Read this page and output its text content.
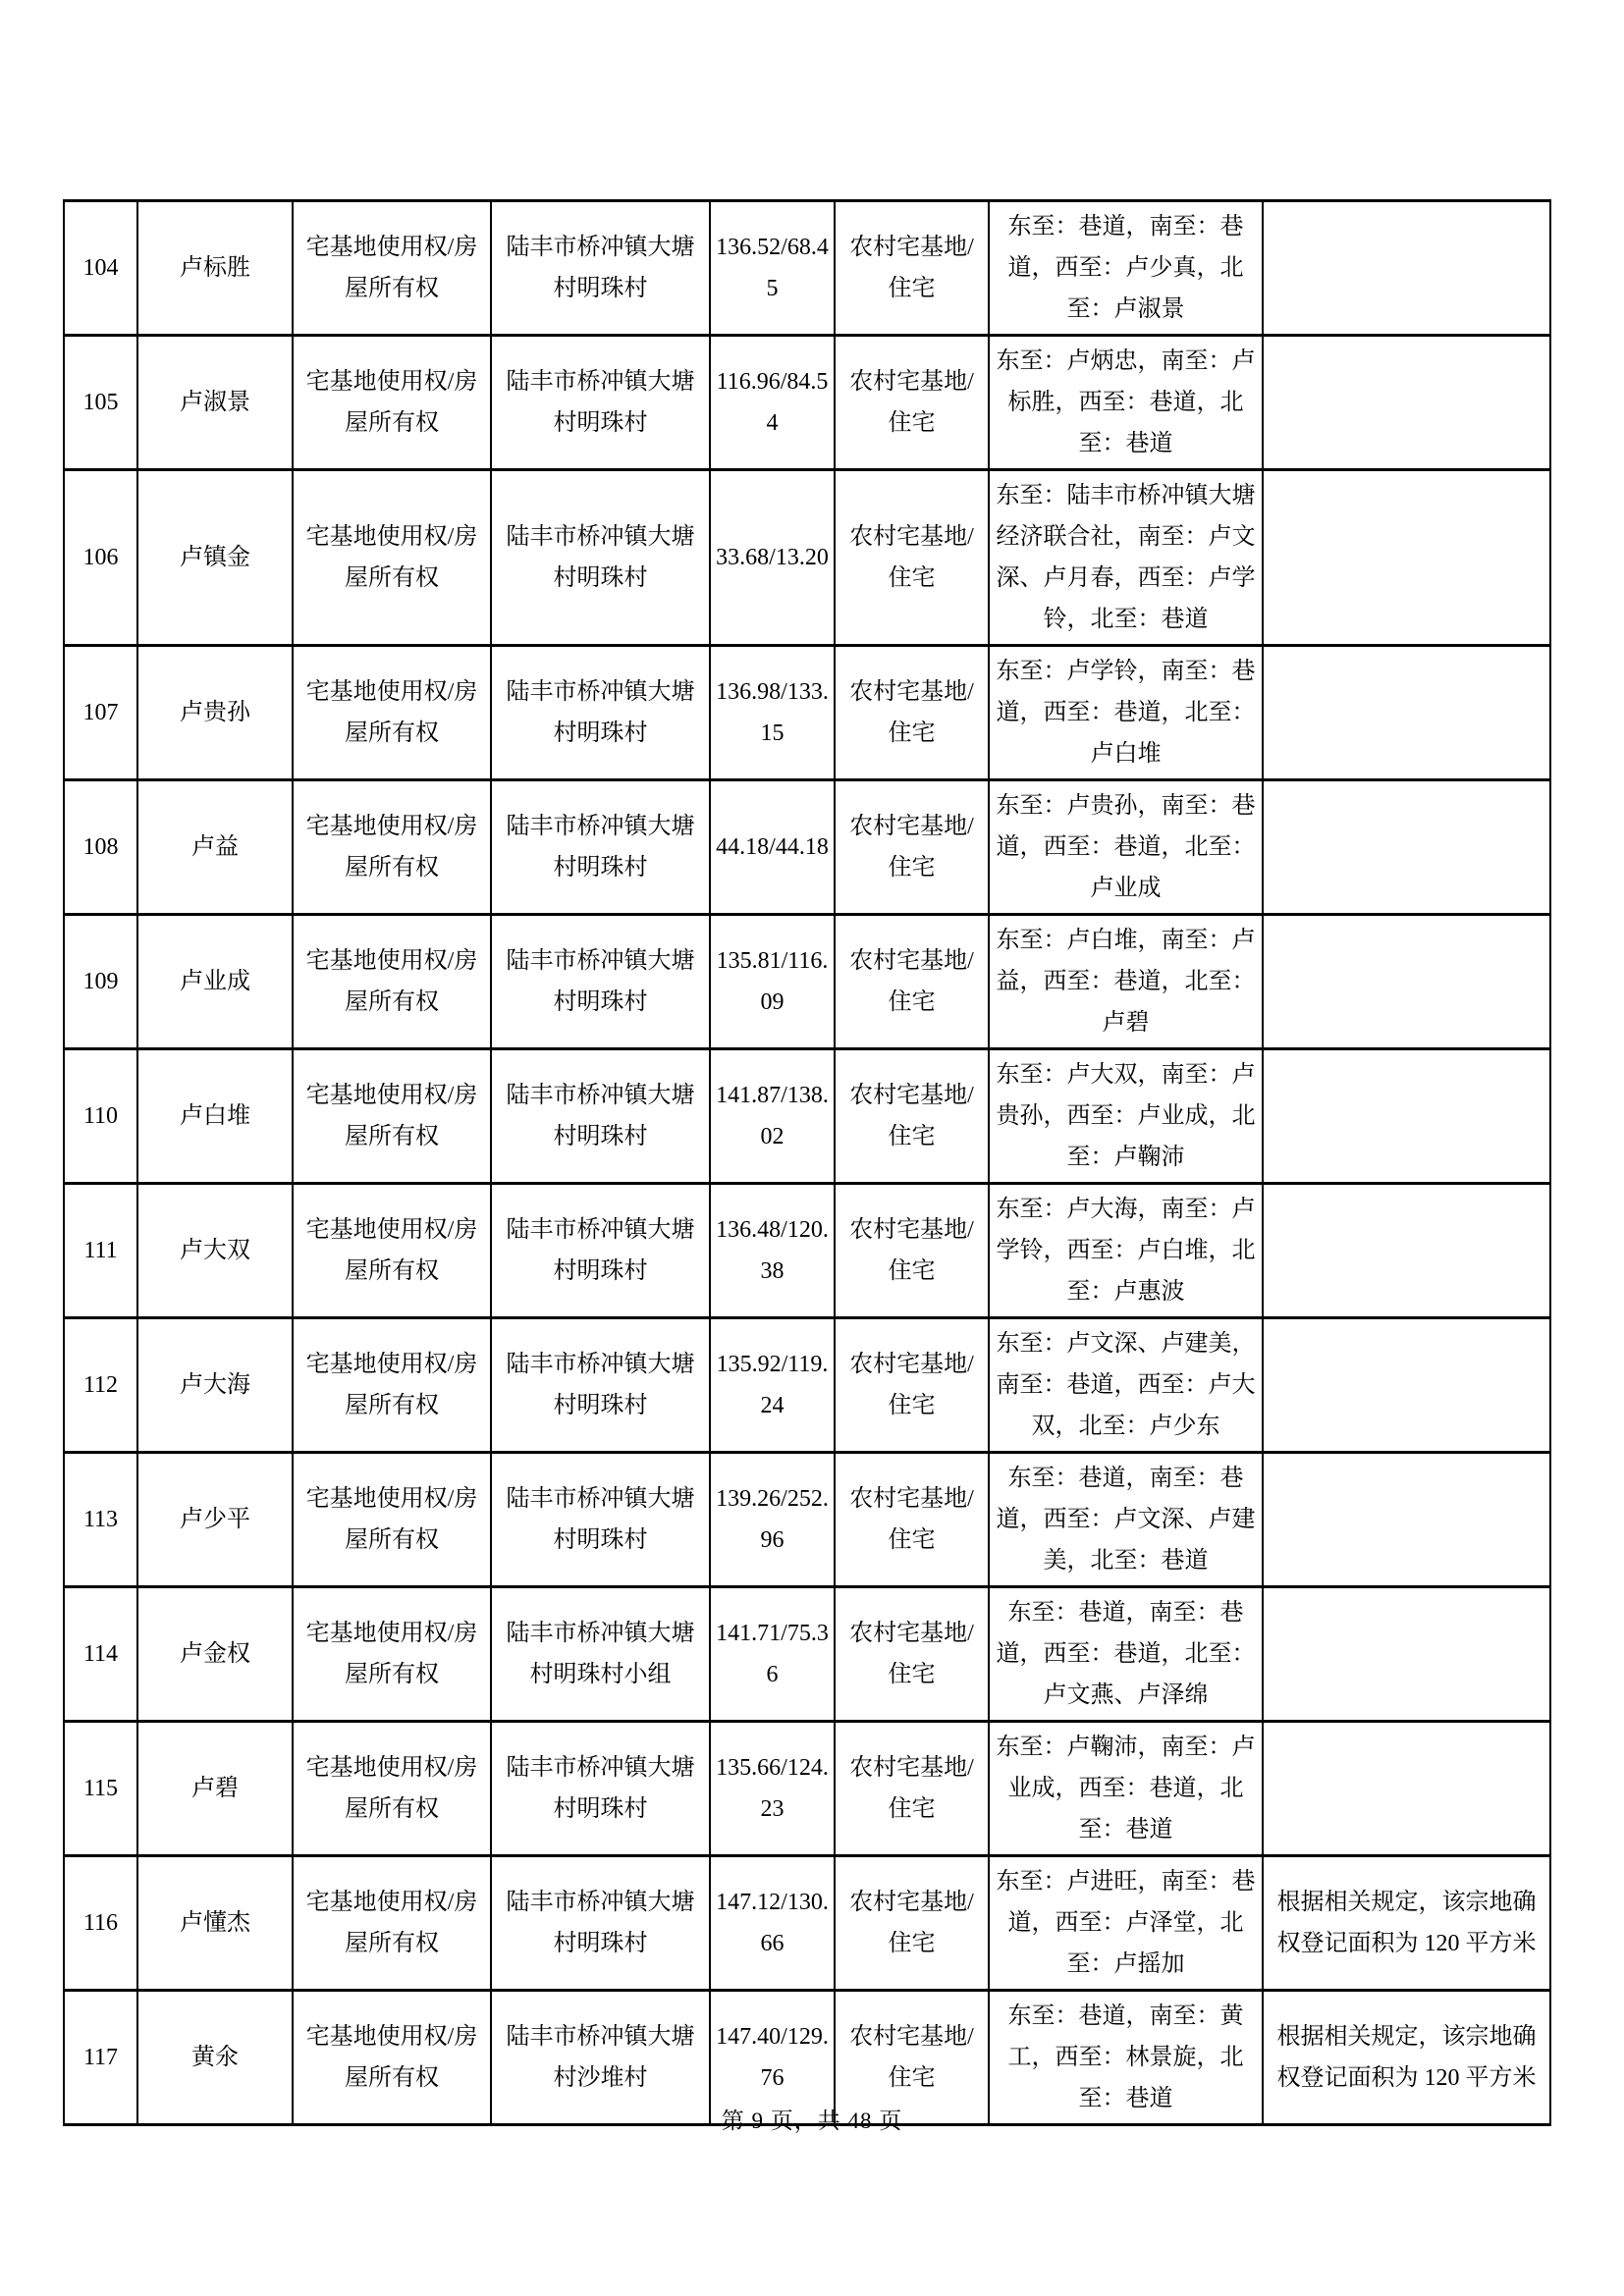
104	卢标胜	宅基地使用权/房屋所有权	陆丰市桥冲镇大塘村明珠村	136.52/68.45	农村宅基地/住宅	东至：巷道，南至：巷道，西至：卢少真，北至：卢淑景	
105	卢淑景	宅基地使用权/房屋所有权	陆丰市桥冲镇大塘村明珠村	116.96/84.54	农村宅基地/住宅	东至：卢炳忠，南至：卢标胜，西至：巷道，北至：巷道	
106	卢镇金	宅基地使用权/房屋所有权	陆丰市桥冲镇大塘村明珠村	33.68/13.20	农村宅基地/住宅	东至：陆丰市桥冲镇大塘经济联合社，南至：卢文深、卢月春，西至：卢学铃，北至：巷道	
107	卢贵孙	宅基地使用权/房屋所有权	陆丰市桥冲镇大塘村明珠村	136.98/133.15	农村宅基地/住宅	东至：卢学铃，南至：巷道，西至：巷道，北至：卢白堆	
108	卢益	宅基地使用权/房屋所有权	陆丰市桥冲镇大塘村明珠村	44.18/44.18	农村宅基地/住宅	东至：卢贵孙，南至：巷道，西至：巷道，北至：卢业成	
109	卢业成	宅基地使用权/房屋所有权	陆丰市桥冲镇大塘村明珠村	135.81/116.09	农村宅基地/住宅	东至：卢白堆，南至：卢益，西至：巷道，北至：卢碧	
110	卢白堆	宅基地使用权/房屋所有权	陆丰市桥冲镇大塘村明珠村	141.87/138.02	农村宅基地/住宅	东至：卢大双，南至：卢贵孙，西至：卢业成，北至：卢鞠沛	
111	卢大双	宅基地使用权/房屋所有权	陆丰市桥冲镇大塘村明珠村	136.48/120.38	农村宅基地/住宅	东至：卢大海，南至：卢学铃，西至：卢白堆，北至：卢惠波	
112	卢大海	宅基地使用权/房屋所有权	陆丰市桥冲镇大塘村明珠村	135.92/119.24	农村宅基地/住宅	东至：卢文深、卢建美，南至：巷道，西至：卢大双，北至：卢少东	
113	卢少平	宅基地使用权/房屋所有权	陆丰市桥冲镇大塘村明珠村	139.26/252.96	农村宅基地/住宅	东至：巷道，南至：巷道，西至：卢文深、卢建美，北至：巷道	
114	卢金权	宅基地使用权/房屋所有权	陆丰市桥冲镇大塘村明珠村小组	141.71/75.36	农村宅基地/住宅	东至：巷道，南至：巷道，西至：巷道，北至：卢文燕、卢泽绵	
115	卢碧	宅基地使用权/房屋所有权	陆丰市桥冲镇大塘村明珠村	135.66/124.23	农村宅基地/住宅	东至：卢鞠沛，南至：卢业成，西至：巷道，北至：巷道	
116	卢懂杰	宅基地使用权/房屋所有权	陆丰市桥冲镇大塘村明珠村	147.12/130.66	农村宅基地/住宅	东至：卢进旺，南至：巷道，西至：卢泽堂，北至：卢摇加	根据相关规定，该宗地确权登记面积为 120 平方米
117	黄氽	宅基地使用权/房屋所有权	陆丰市桥冲镇大塘村沙堆村	147.40/129.76	农村宅基地/住宅	东至：巷道，南至：黄工，西至：林景旋，北至：巷道	根据相关规定，该宗地确权登记面积为 120 平方米
第 9 页，共 48 页
